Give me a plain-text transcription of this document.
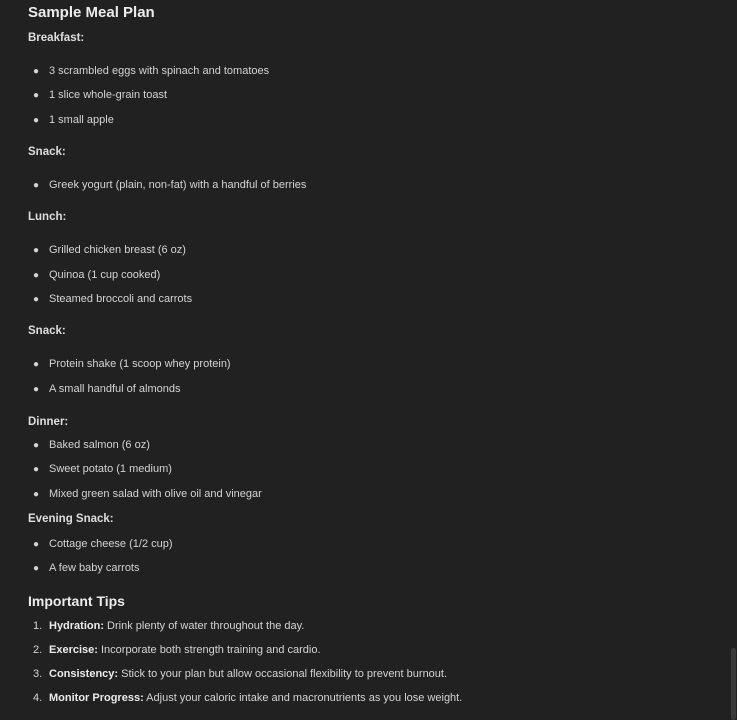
Sample Meal Plan
Breakfast:
● 3 scrambled eggs with spinach and tomatoes
● 1 slice whole-grain toast
● 1 small apple
Snack:
● Greek yogurt (plain, non-fat) with a handful of berries
Lunch:
● Grilled chicken breast (6 oz)
● Quinoa (1 cup cooked)
● Steamed broccoli and carrots
Snack:
● Protein shake (1 scoop whey protein)
● A small handful of almonds
Dinner:
● Baked salmon (6 oz)
● Sweet potato (1 medium)
● Mixed green salad with olive oil and vinegar
Evening Snack:
● Cottage cheese (1/2 cup)
● A few baby carrots
Important Tips
1. Hydration: Drink plenty of water throughout the day.
2. Exercise: Incorporate both strength training and cardio.
3. Consistency: Stick to your plan but allow occasional flexibility to prevent burnout.
4. Monitor Progress: Adjust your caloric intake and macronutrients as you lose weight.
